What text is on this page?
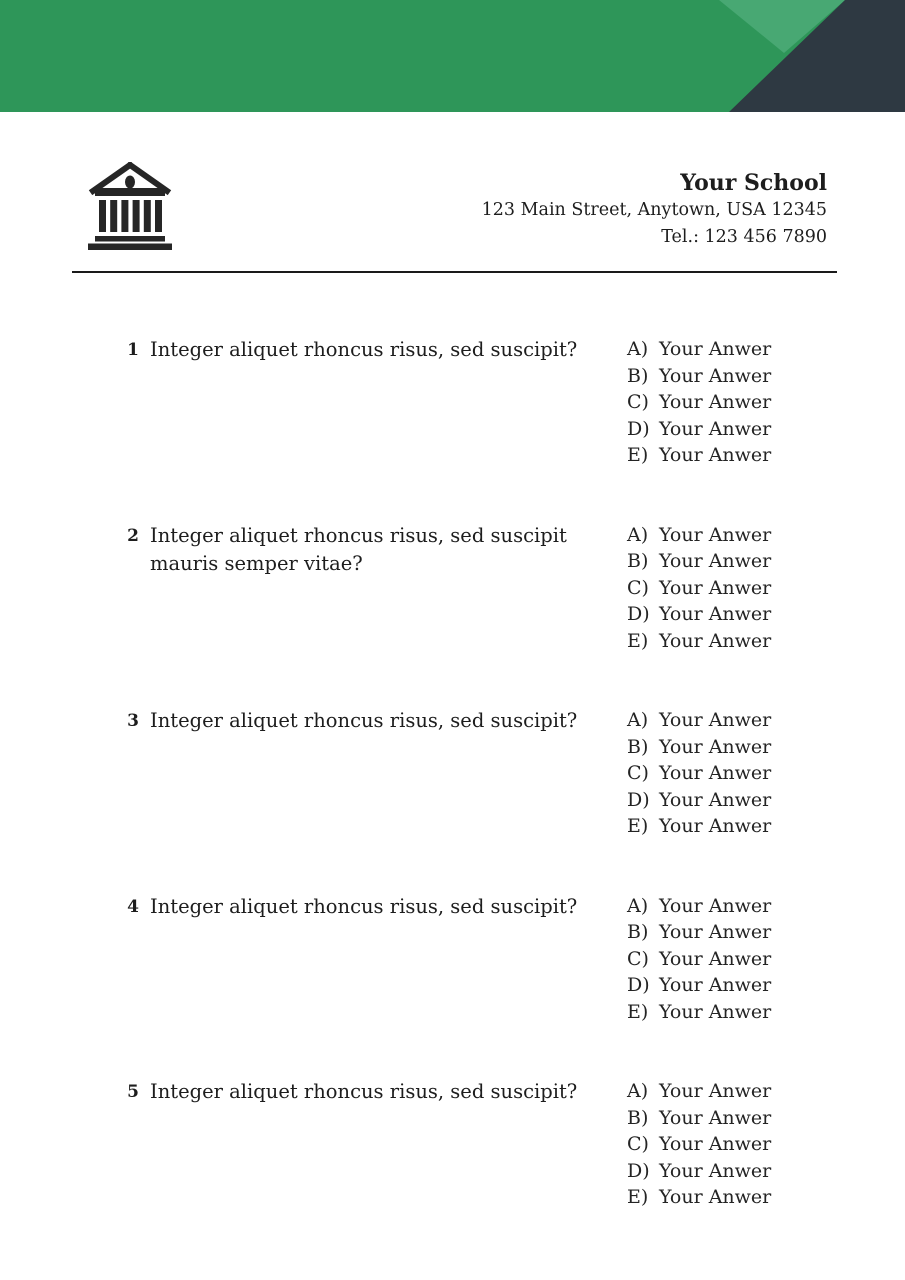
Your School
123 Main Street, Anytown, USA 12345
Tel.: 123 456 7890
1 Integer aliquet rhoncus risus, sed suscipit?	A) Your Anwer
B) Your Anwer
C) Your Anwer
D) Your Anwer
E) Your Anwer
2 Integer aliquet rhoncus risus, sed suscipit mauris semper vitae?
A) Your Anwer
B) Your Anwer
C) Your Anwer
D) Your Anwer
E) Your Anwer
3 Integer aliquet rhoncus risus, sed suscipit?	A) Your Anwer
B) Your Anwer
C) Your Anwer
D) Your Anwer
E) Your Anwer
4 Integer aliquet rhoncus risus, sed suscipit?	A) Your Anwer
B) Your Anwer
C) Your Anwer
D) Your Anwer
E) Your Anwer
5 Integer aliquet rhoncus risus, sed suscipit?	A) Your Anwer
B) Your Anwer
C) Your Anwer
D) Your Anwer
E) Your Anwer
